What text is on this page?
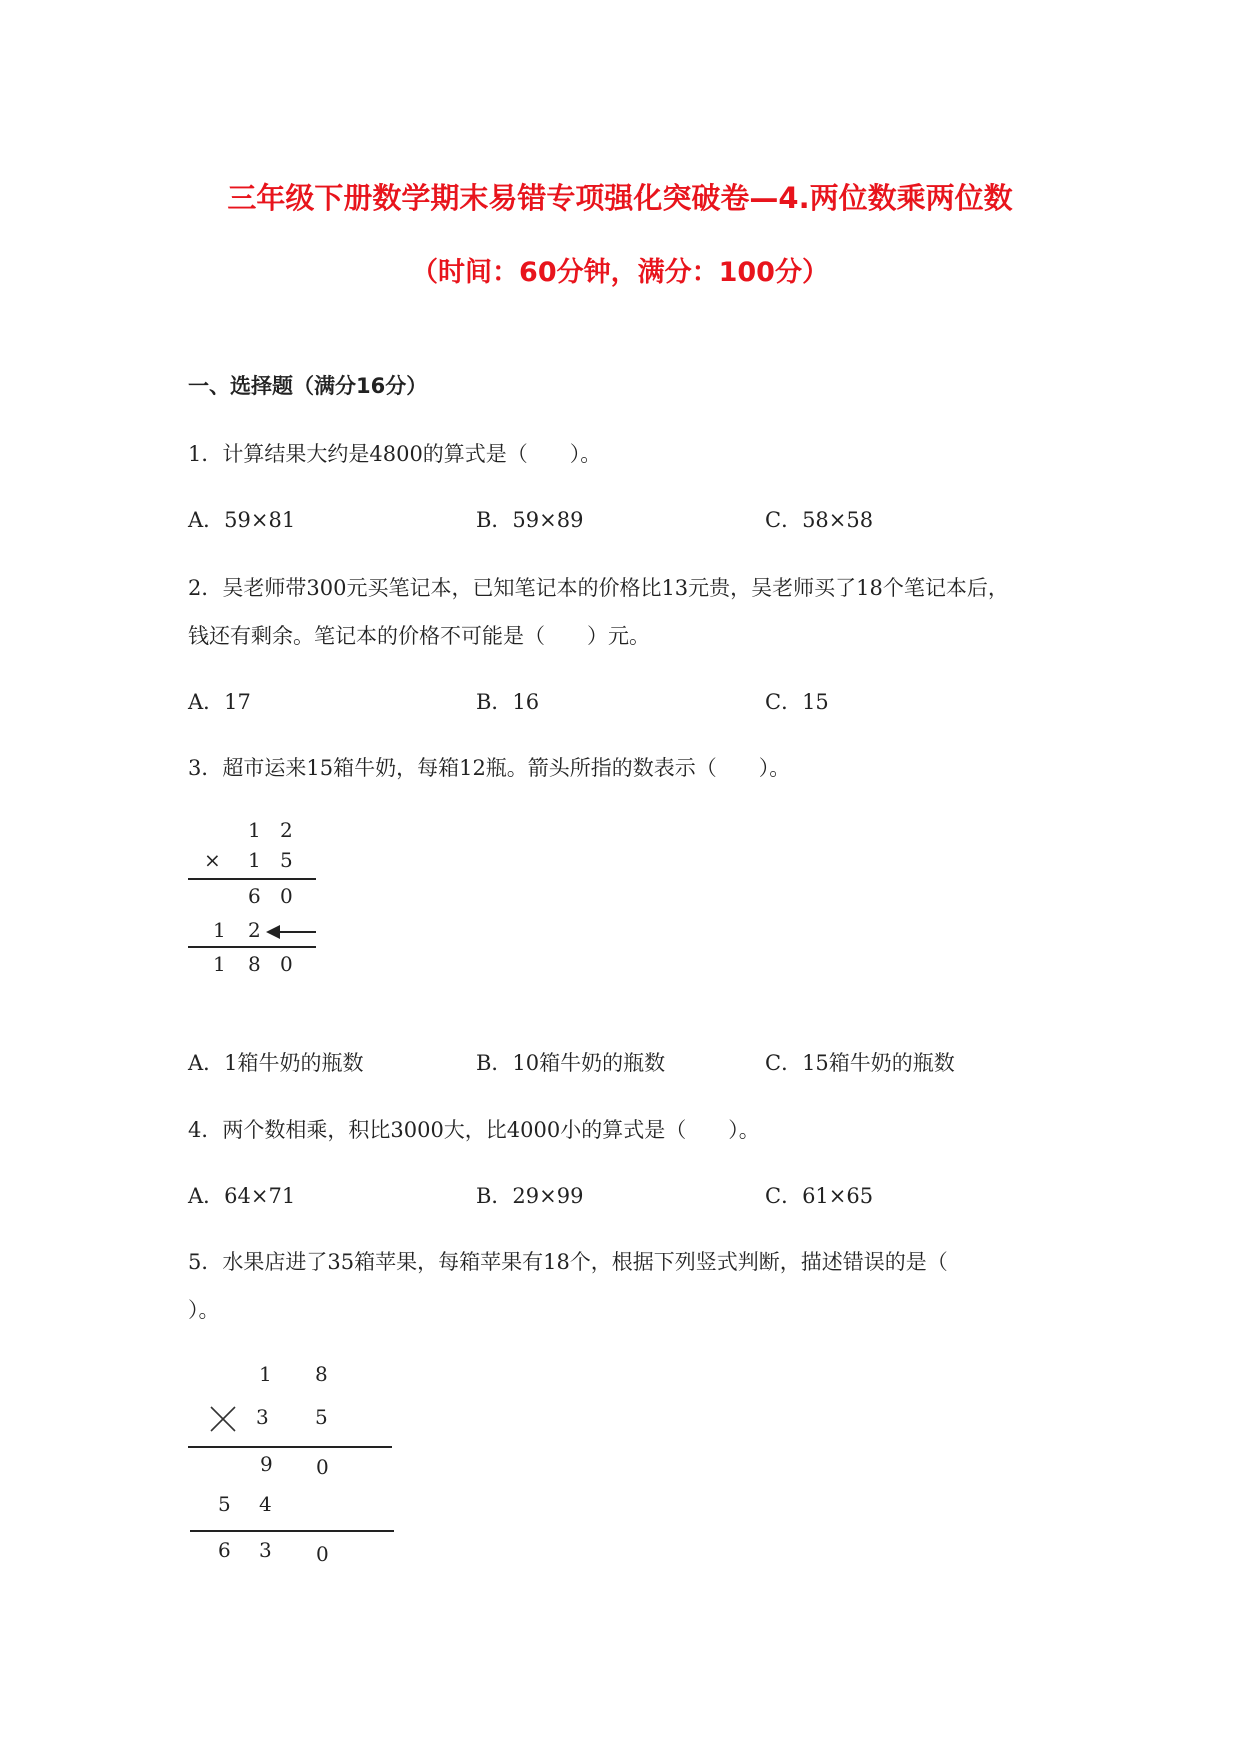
三年级下册数学期末易错专项强化突破卷—4.两位数乘两位数
（时间：60分钟，满分：100分）
一、选择题（满分16分）
1．计算结果大约是4800的算式是（　　）。
A．59×81	B．59×89	C．58×58
2．吴老师带300元买笔记本，已知笔记本的价格比13元贵，吴老师买了18个笔记本后，
钱还有剩余。笔记本的价格不可能是（　　）元。
A．17	B．16	C．15
3．超市运来15箱牛奶，每箱12瓶。箭头所指的数表示（　　）。
1 2
× 1 5
6 0
1 2
1 8 0
A．1箱牛奶的瓶数	B．10箱牛奶的瓶数	C．15箱牛奶的瓶数
4．两个数相乘，积比3000大，比4000小的算式是（　　）。
A．64×71	B．29×99	C．61×65
5．水果店进了35箱苹果，每箱苹果有18个，根据下列竖式判断，描述错误的是（
）。
1 8
3 5
9 0
5 4
6 3 0
